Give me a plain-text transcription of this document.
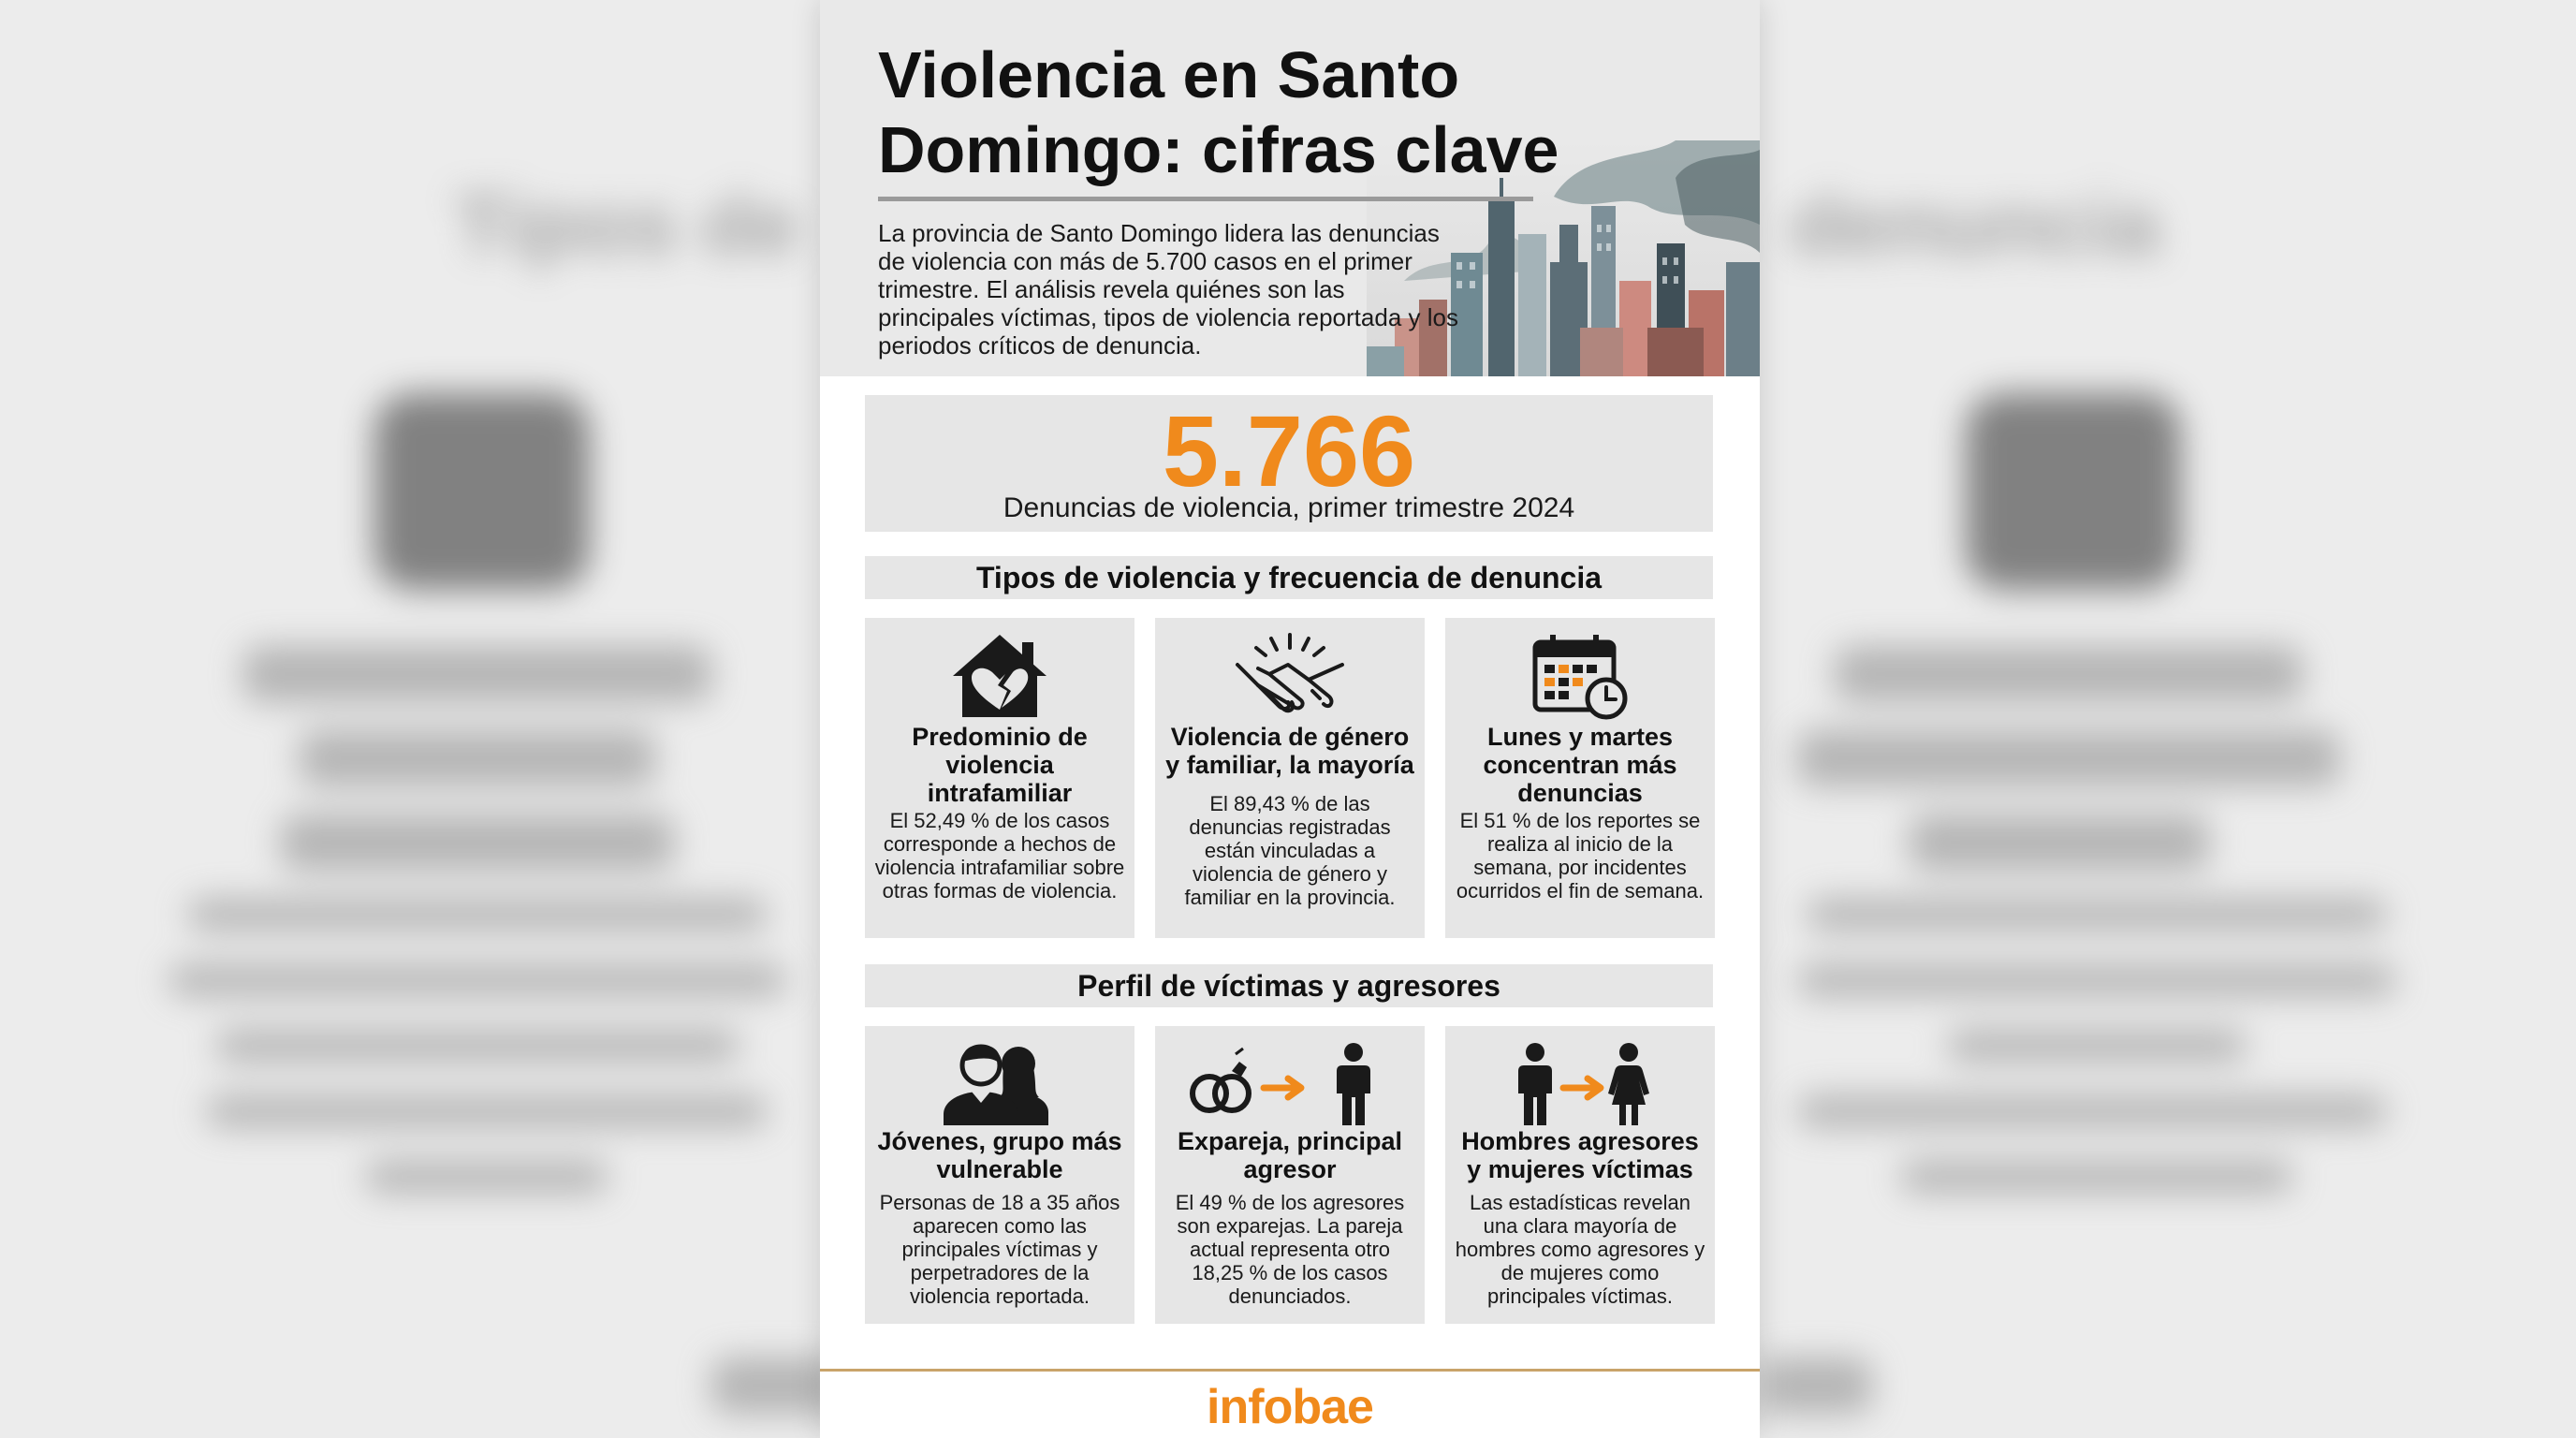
Tipos de	denuncia
Violencia en Santo Domingo: cifras clave
La provincia de Santo Domingo lidera las denuncias de violencia con más de 5.700 casos en el primer trimestre. El análisis revela quiénes son las principales víctimas, tipos de violencia reportada y los periodos críticos de denuncia.
5.766
Denuncias de violencia, primer trimestre 2024
Tipos de violencia y frecuencia de denuncia
Predominio de violencia intrafamiliar
El 52,49 % de los casos corresponde a hechos de violencia intrafamiliar sobre otras formas de violencia.
Violencia de género y familiar, la mayoría
El 89,43 % de las denuncias registradas están vinculadas a violencia de género y familiar en la provincia.
Lunes y martes concentran más denuncias
El 51 % de los reportes se realiza al inicio de la semana, por incidentes ocurridos el fin de semana.
Perfil de víctimas y agresores
Jóvenes, grupo más vulnerable
Personas de 18 a 35 años aparecen como las principales víctimas y perpetradores de la violencia reportada.
Expareja, principal agresor
El 49 % de los agresores son exparejas. La pareja actual representa otro 18,25 % de los casos denunciados.
Hombres agresores y mujeres víctimas
Las estadísticas revelan una clara mayoría de hombres como agresores y de mujeres como principales víctimas.
infobae
